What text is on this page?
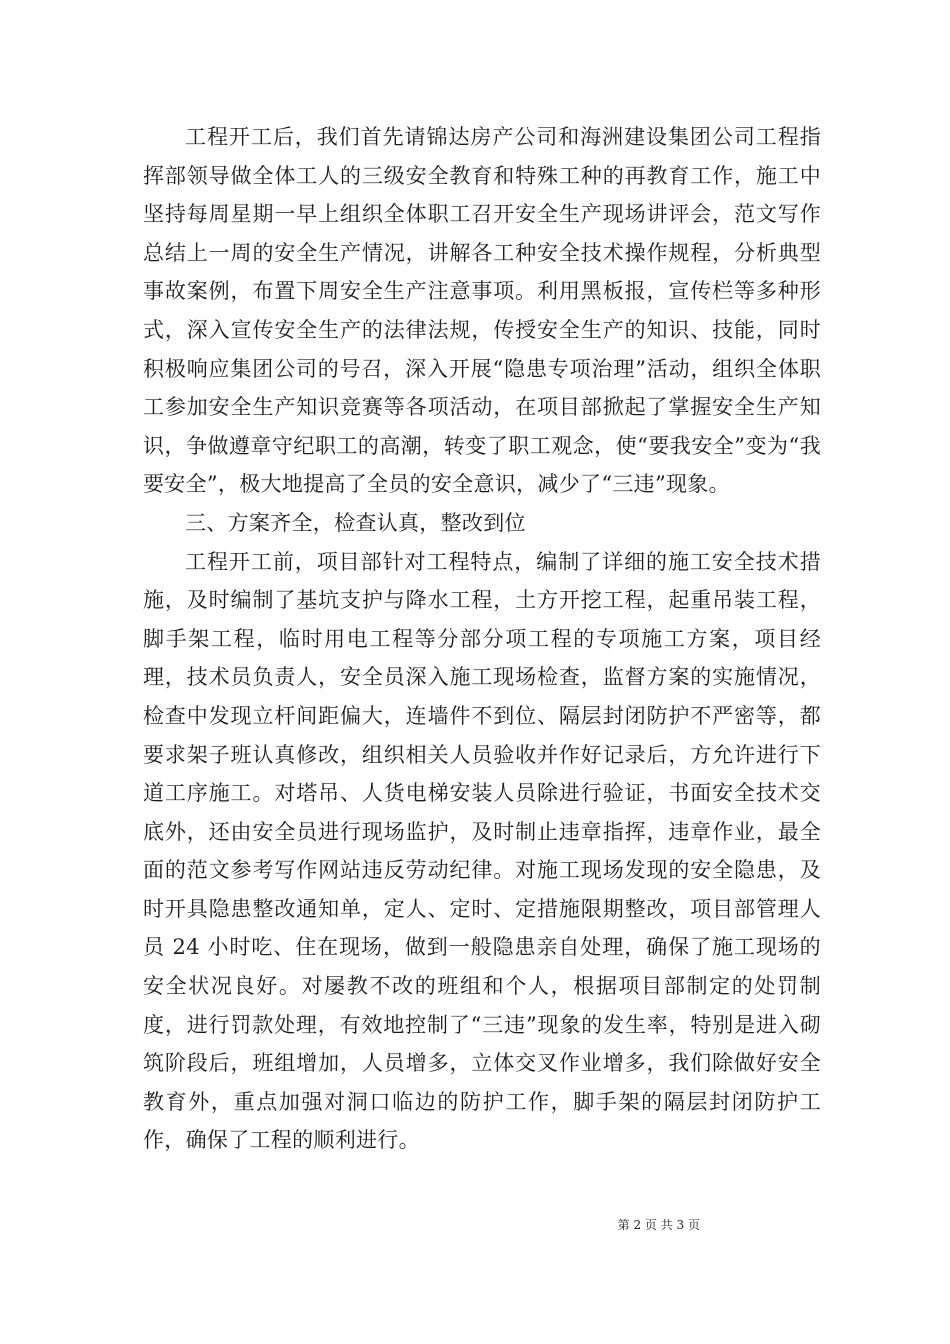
工程开工后，我们首先请锦达房产公司和海洲建设集团公司工程指挥部领导做全体工人的三级安全教育和特殊工种的再教育工作，施工中坚持每周星期一早上组织全体职工召开安全生产现场讲评会，范文写作总结上一周的安全生产情况，讲解各工种安全技术操作规程，分析典型事故案例，布置下周安全生产注意事项。利用黑板报，宣传栏等多种形式，深入宣传安全生产的法律法规，传授安全生产的知识、技能，同时积极响应集团公司的号召，深入开展“隐患专项治理”活动，组织全体职工参加安全生产知识竞赛等各项活动，在项目部掀起了掌握安全生产知识，争做遵章守纪职工的高潮，转变了职工观念，使“要我安全”变为“我要安全”，极大地提高了全员的安全意识，减少了“三违”现象。

三、方案齐全，检查认真，整改到位

工程开工前，项目部针对工程特点，编制了详细的施工安全技术措施，及时编制了基坑支护与降水工程，土方开挖工程，起重吊装工程，脚手架工程，临时用电工程等分部分项工程的专项施工方案，项目经理，技术员负责人，安全员深入施工现场检查，监督方案的实施情况，检查中发现立杆间距偏大，连墙件不到位、隔层封闭防护不严密等，都要求架子班认真修改，组织相关人员验收并作好记录后，方允许进行下道工序施工。对塔吊、人货电梯安装人员除进行验证，书面安全技术交底外，还由安全员进行现场监护，及时制止违章指挥，违章作业，最全面的范文参考写作网站违反劳动纪律。对施工现场发现的安全隐患，及时开具隐患整改通知单，定人、定时、定措施限期整改，项目部管理人员 24 小时吃、住在现场，做到一般隐患亲自处理，确保了施工现场的安全状况良好。对屡教不改的班组和个人，根据项目部制定的处罚制度，进行罚款处理，有效地控制了“三违”现象的发生率，特别是进入砌筑阶段后，班组增加，人员增多，立体交叉作业增多，我们除做好安全教育外，重点加强对洞口临边的防护工作，脚手架的隔层封闭防护工作，确保了工程的顺利进行。

第 2 页 共 3 页
